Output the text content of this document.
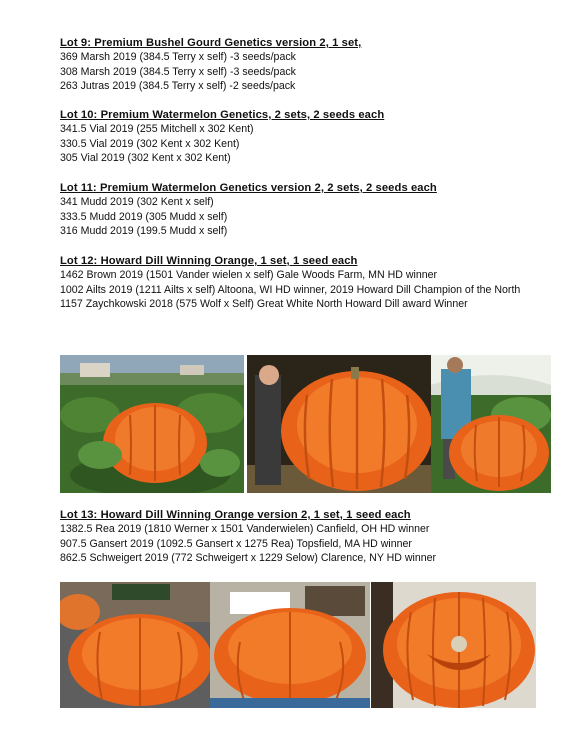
Lot 9: Premium Bushel Gourd Genetics version 2, 1 set,
369 Marsh 2019 (384.5 Terry x self) -3 seeds/pack
308 Marsh 2019 (384.5 Terry x self) -3 seeds/pack
263 Jutras 2019 (384.5 Terry x self) -2 seeds/pack
Lot 10: Premium Watermelon Genetics, 2 sets, 2 seeds each
341.5 Vial 2019 (255 Mitchell x 302 Kent)
330.5 Vial 2019 (302 Kent x 302 Kent)
305 Vial 2019 (302 Kent x 302 Kent)
Lot 11: Premium Watermelon Genetics version 2, 2 sets, 2 seeds each
341 Mudd 2019 (302 Kent x self)
333.5 Mudd 2019 (305 Mudd x self)
316 Mudd 2019 (199.5 Mudd x self)
Lot 12: Howard Dill Winning Orange, 1 set, 1 seed each
1462 Brown 2019 (1501 Vander wielen x self) Gale Woods Farm, MN HD winner
1002 Ailts 2019 (1211 Ailts x self) Altoona, WI HD winner, 2019 Howard Dill Champion of the North
1157 Zaychkowski 2018 (575 Wolf x Self) Great White North Howard Dill award Winner
Lot 13: Howard Dill Winning Orange version 2, 1 set, 1 seed each
1382.5 Rea 2019 (1810 Werner x 1501 Vanderwielen) Canfield, OH HD winner
907.5 Gansert 2019 (1092.5 Gansert x 1275 Rea) Topsfield, MA HD winner
862.5 Schweigert 2019 (772 Schweigert x 1229 Selow) Clarence, NY HD winner
